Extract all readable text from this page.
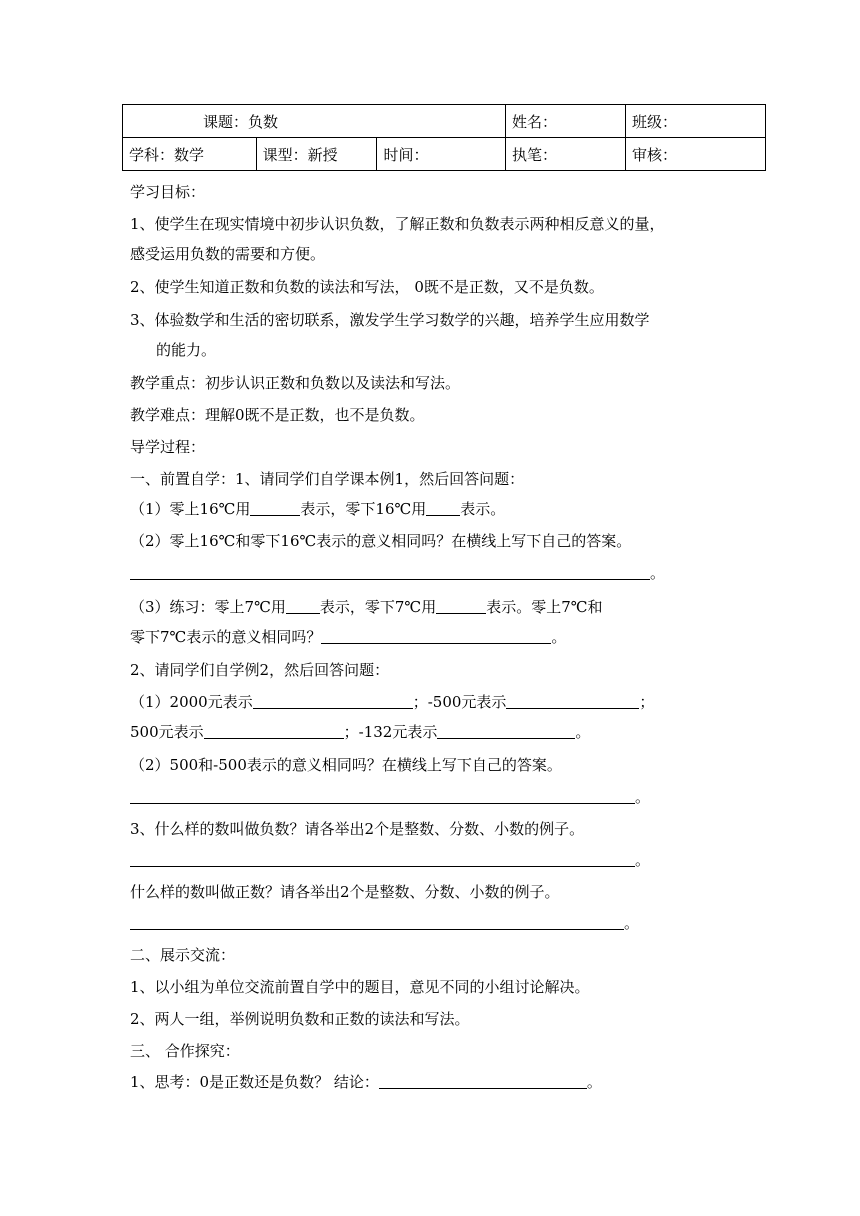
课题：负数			姓名：	班级：
学科：数学	课型：新授	时间：	执笔：	审核：
学习目标：
1、使学生在现实情境中初步认识负数，了解正数和负数表示两种相反意义的量，
感受运用负数的需要和方便。
2、使学生知道正数和负数的读法和写法， 0既不是正数，又不是负数。
3、体验数学和生活的密切联系，激发学生学习数学的兴趣，培养学生应用数学
的能力。
教学重点：初步认识正数和负数以及读法和写法。
教学难点：理解0既不是正数，也不是负数。
导学过程：
一、前置自学：1、请同学们自学课本例1，然后回答问题：
（1）零上16℃用	表示，零下16℃用 表示。
（2）零上16℃和零下16℃表示的意义相同吗？在横线上写下自己的答案。
。
（3）练习：零上7℃用 表示，零下7℃用	表示。零上7℃和
零下7℃表示的意义相同吗？	。
2、请同学们自学例2，然后回答问题：
（1）2000元表示	；-500元表示	；
500元表示	；-132元表示	。
（2）500和-500表示的意义相同吗？在横线上写下自己的答案。
。
3、什么样的数叫做负数？请各举出2个是整数、分数、小数的例子。
。
什么样的数叫做正数？请各举出2个是整数、分数、小数的例子。
。
二、展示交流：
1、以小组为单位交流前置自学中的题目，意见不同的小组讨论解决。
2、两人一组，举例说明负数和正数的读法和写法。
三、 合作探究：
1、思考：0是正数还是负数？ 结论：	。
